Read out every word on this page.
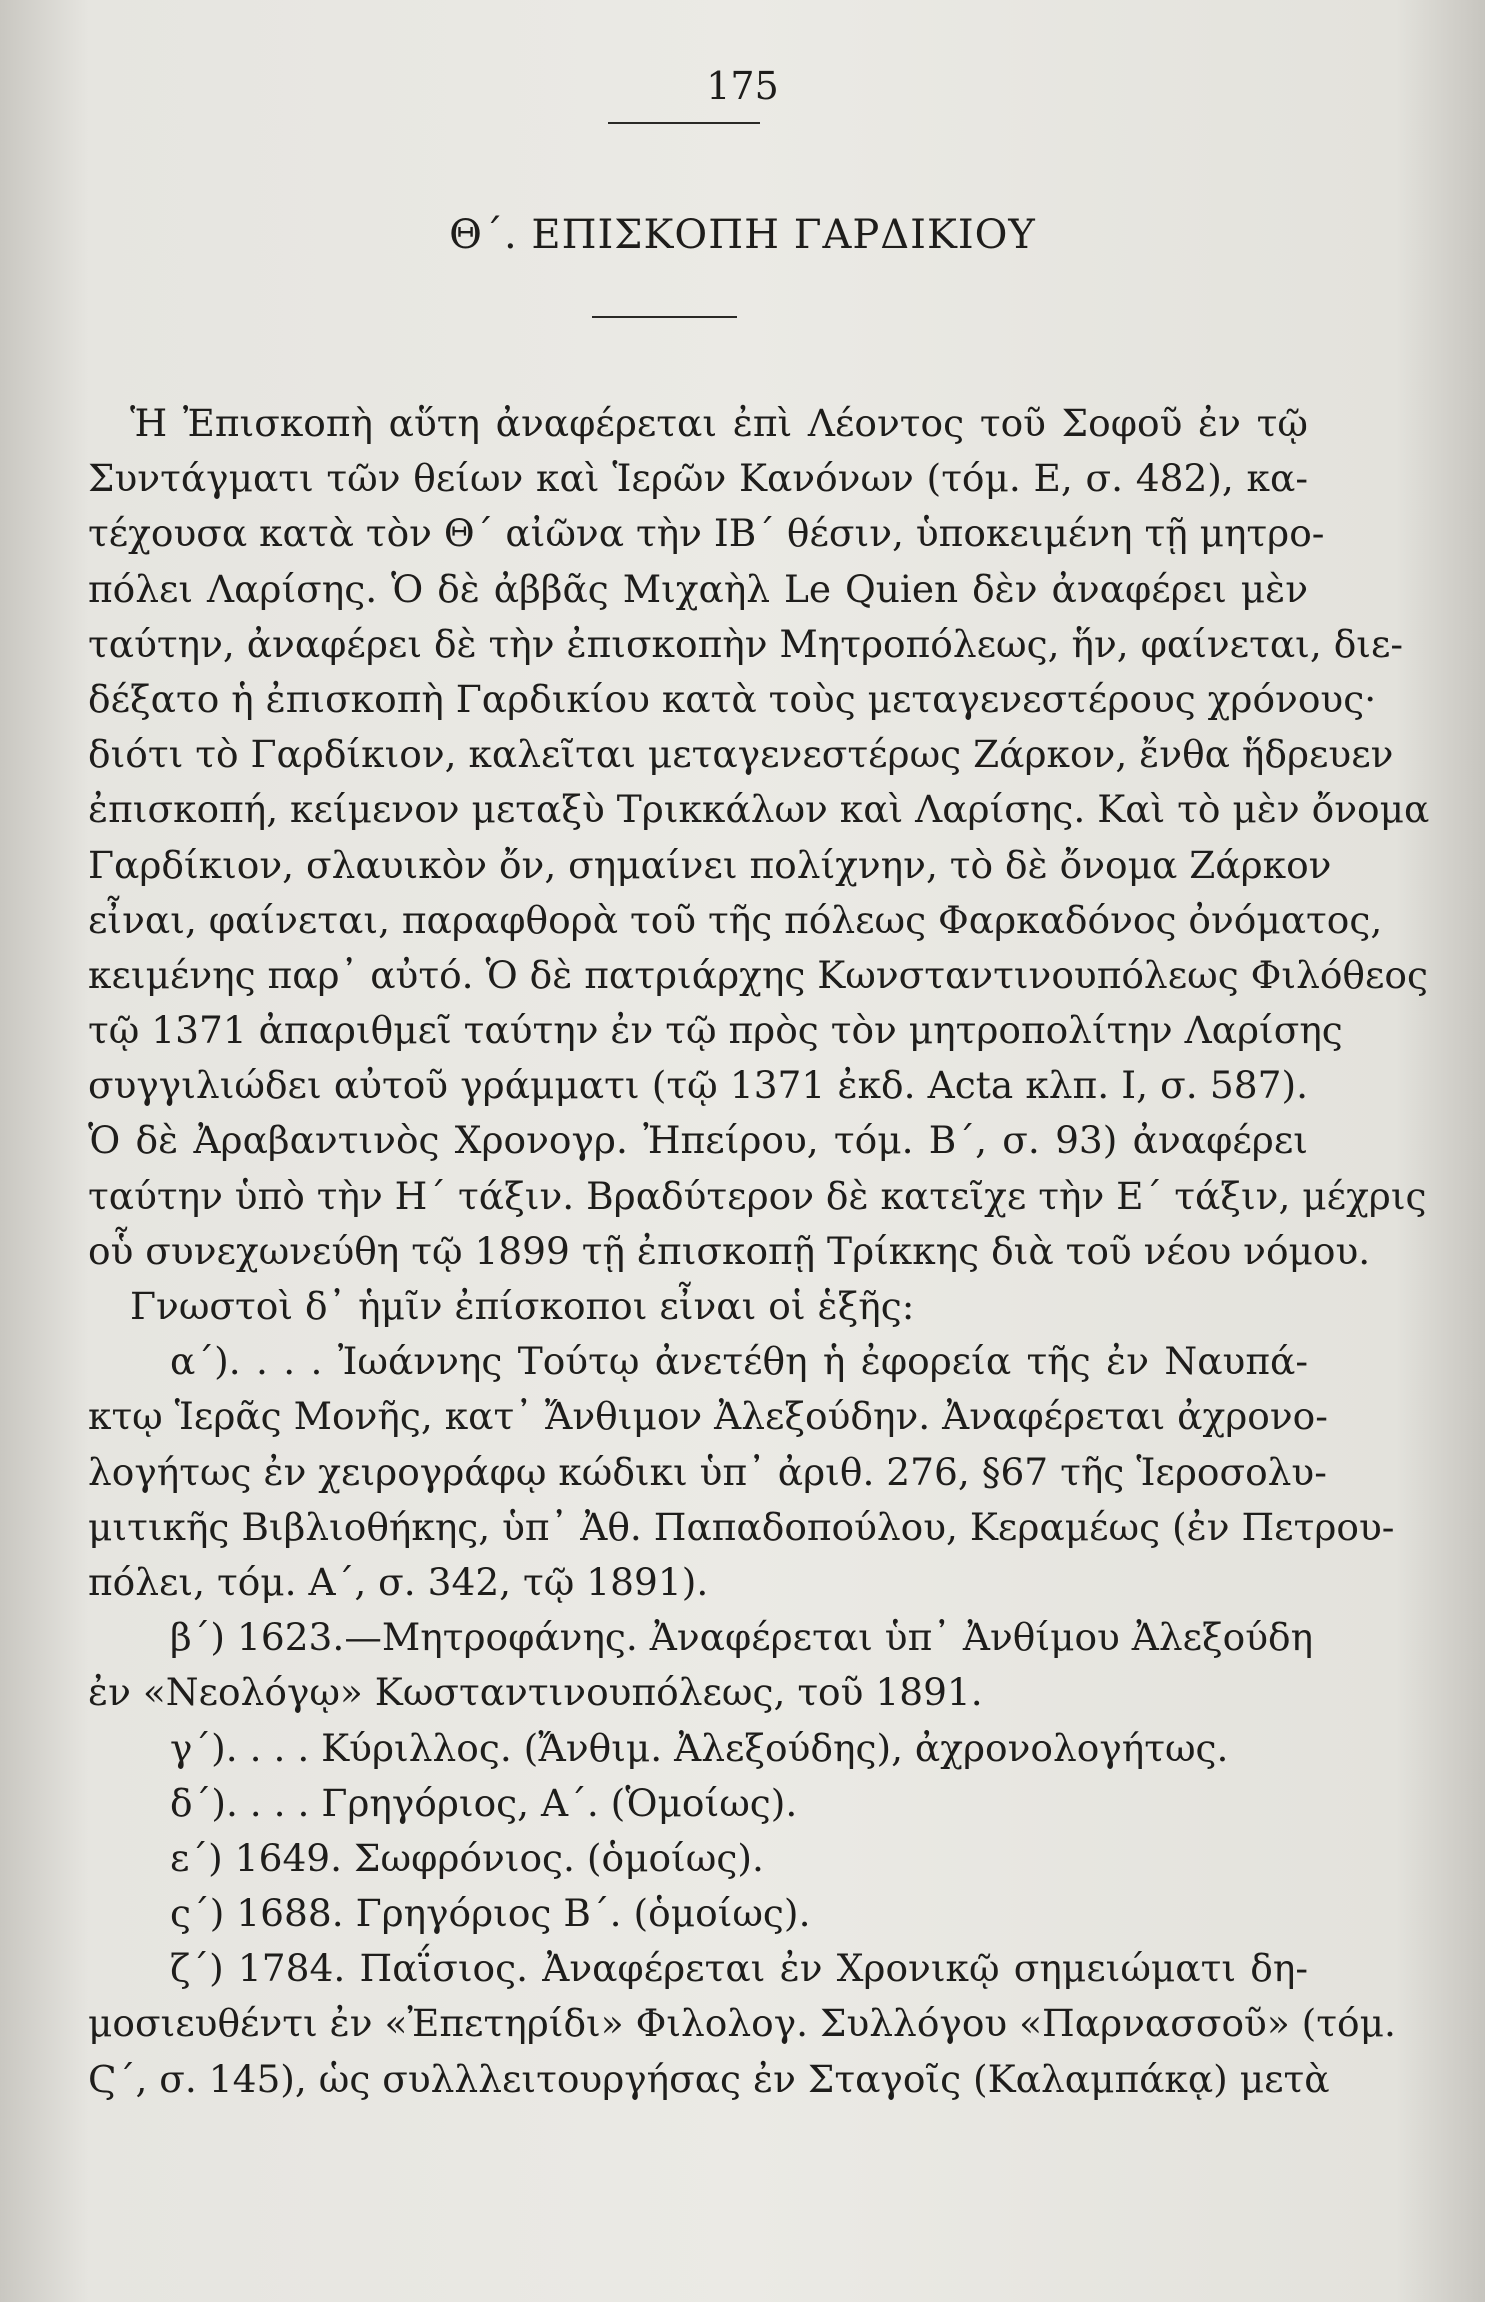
175
Θ΄. ΕΠΙΣΚΟΠΗ ΓΑΡΔΙΚΙΟΥ
Ἡ Ἐπισκοπὴ αὕτη ἀναφέρεται ἐπὶ Λέοντος τοῦ Σοφοῦ ἐν τῷ
Συντάγματι τῶν θείων καὶ Ἱερῶν Κανόνων (τόμ. Ε, σ. 482), κα-
τέχουσα κατὰ τὸν Θ΄ αἰῶνα τὴν ΙΒ΄ θέσιν, ὑποκειμένη τῇ μητρο-
πόλει Λαρίσης. Ὁ δὲ ἀββᾶς Μιχαὴλ Le Quien δὲν ἀναφέρει μὲν
ταύτην, ἀναφέρει δὲ τὴν ἐπισκοπὴν Μητροπόλεως, ἥν, φαίνεται, διε-
δέξατο ἡ ἐπισκοπὴ Γαρδικίου κατὰ τοὺς μεταγενεστέρους χρόνους·
διότι τὸ Γαρδίκιον, καλεῖται μεταγενεστέρως Ζάρκον, ἔνθα ἥδρευεν
ἐπισκοπή, κείμενον μεταξὺ Τρικκάλων καὶ Λαρίσης. Καὶ τὸ μὲν ὄνομα
Γαρδίκιον, σλαυικὸν ὄν, σημαίνει πολίχνην, τὸ δὲ ὄνομα Ζάρκον
εἶναι, φαίνεται, παραφθορὰ τοῦ τῆς πόλεως Φαρκαδόνος ὀνόματος,
κειμένης παρ᾽ αὐτό. Ὁ δὲ πατριάρχης Κωνσταντινουπόλεως Φιλόθεος
τῷ 1371 ἀπαριθμεῖ ταύτην ἐν τῷ πρὸς τὸν μητροπολίτην Λαρίσης
συγγιλιώδει αὐτοῦ γράμματι (τῷ 1371 ἐκδ. Acta κλπ. Ι, σ. 587).
Ὁ δὲ Ἀραβαντινὸς Χρονογρ. Ἠπείρου, τόμ. Β΄, σ. 93) ἀναφέρει
ταύτην ὑπὸ τὴν Η΄ τάξιν. Βραδύτερον δὲ κατεῖχε τὴν Ε΄ τάξιν, μέχρις
οὗ συνεχωνεύθη τῷ 1899 τῇ ἐπισκοπῇ Τρίκκης διὰ τοῦ νέου νόμου.
Γνωστοὶ δ᾽ ἡμῖν ἐπίσκοποι εἶναι οἱ ἑξῆς:
α΄). . . . Ἰωάννης Τούτῳ ἀνετέθη ἡ ἐφορεία τῆς ἐν Ναυπά-
κτῳ Ἱερᾶς Μονῆς, κατ᾽ Ἄνθιμον Ἀλεξούδην. Ἀναφέρεται ἀχρονο-
λογήτως ἐν χειρογράφῳ κώδικι ὑπ᾽ ἀριθ. 276, §67 τῆς Ἱεροσολυ-
μιτικῆς Βιβλιοθήκης, ὑπ᾽ Ἀθ. Παπαδοπούλου, Κεραμέως (ἐν Πετρου-
πόλει, τόμ. Α΄, σ. 342, τῷ 1891).
β΄) 1623.—Μητροφάνης. Ἀναφέρεται ὑπ᾽ Ἀνθίμου Ἀλεξούδη
ἐν «Νεολόγῳ» Κωσταντινουπόλεως, τοῦ 1891.
γ΄). . . . Κύριλλος. (Ἄνθιμ. Ἀλεξούδης), ἀχρονολογήτως.
δ΄). . . . Γρηγόριος, Α΄. (Ὁμοίως).
ε΄) 1649. Σωφρόνιος. (ὁμοίως).
ς΄) 1688. Γρηγόριος Β΄. (ὁμοίως).
ζ΄) 1784. Παΐσιος. Ἀναφέρεται ἐν Χρονικῷ σημειώματι δη-
μοσιευθέντι ἐν «Ἐπετηρίδι» Φιλολογ. Συλλόγου «Παρνασσοῦ» (τόμ.
Ϛ΄, σ. 145), ὡς συλλλειτουργήσας ἐν Σταγοῖς (Καλαμπάκᾳ) μετὰ
